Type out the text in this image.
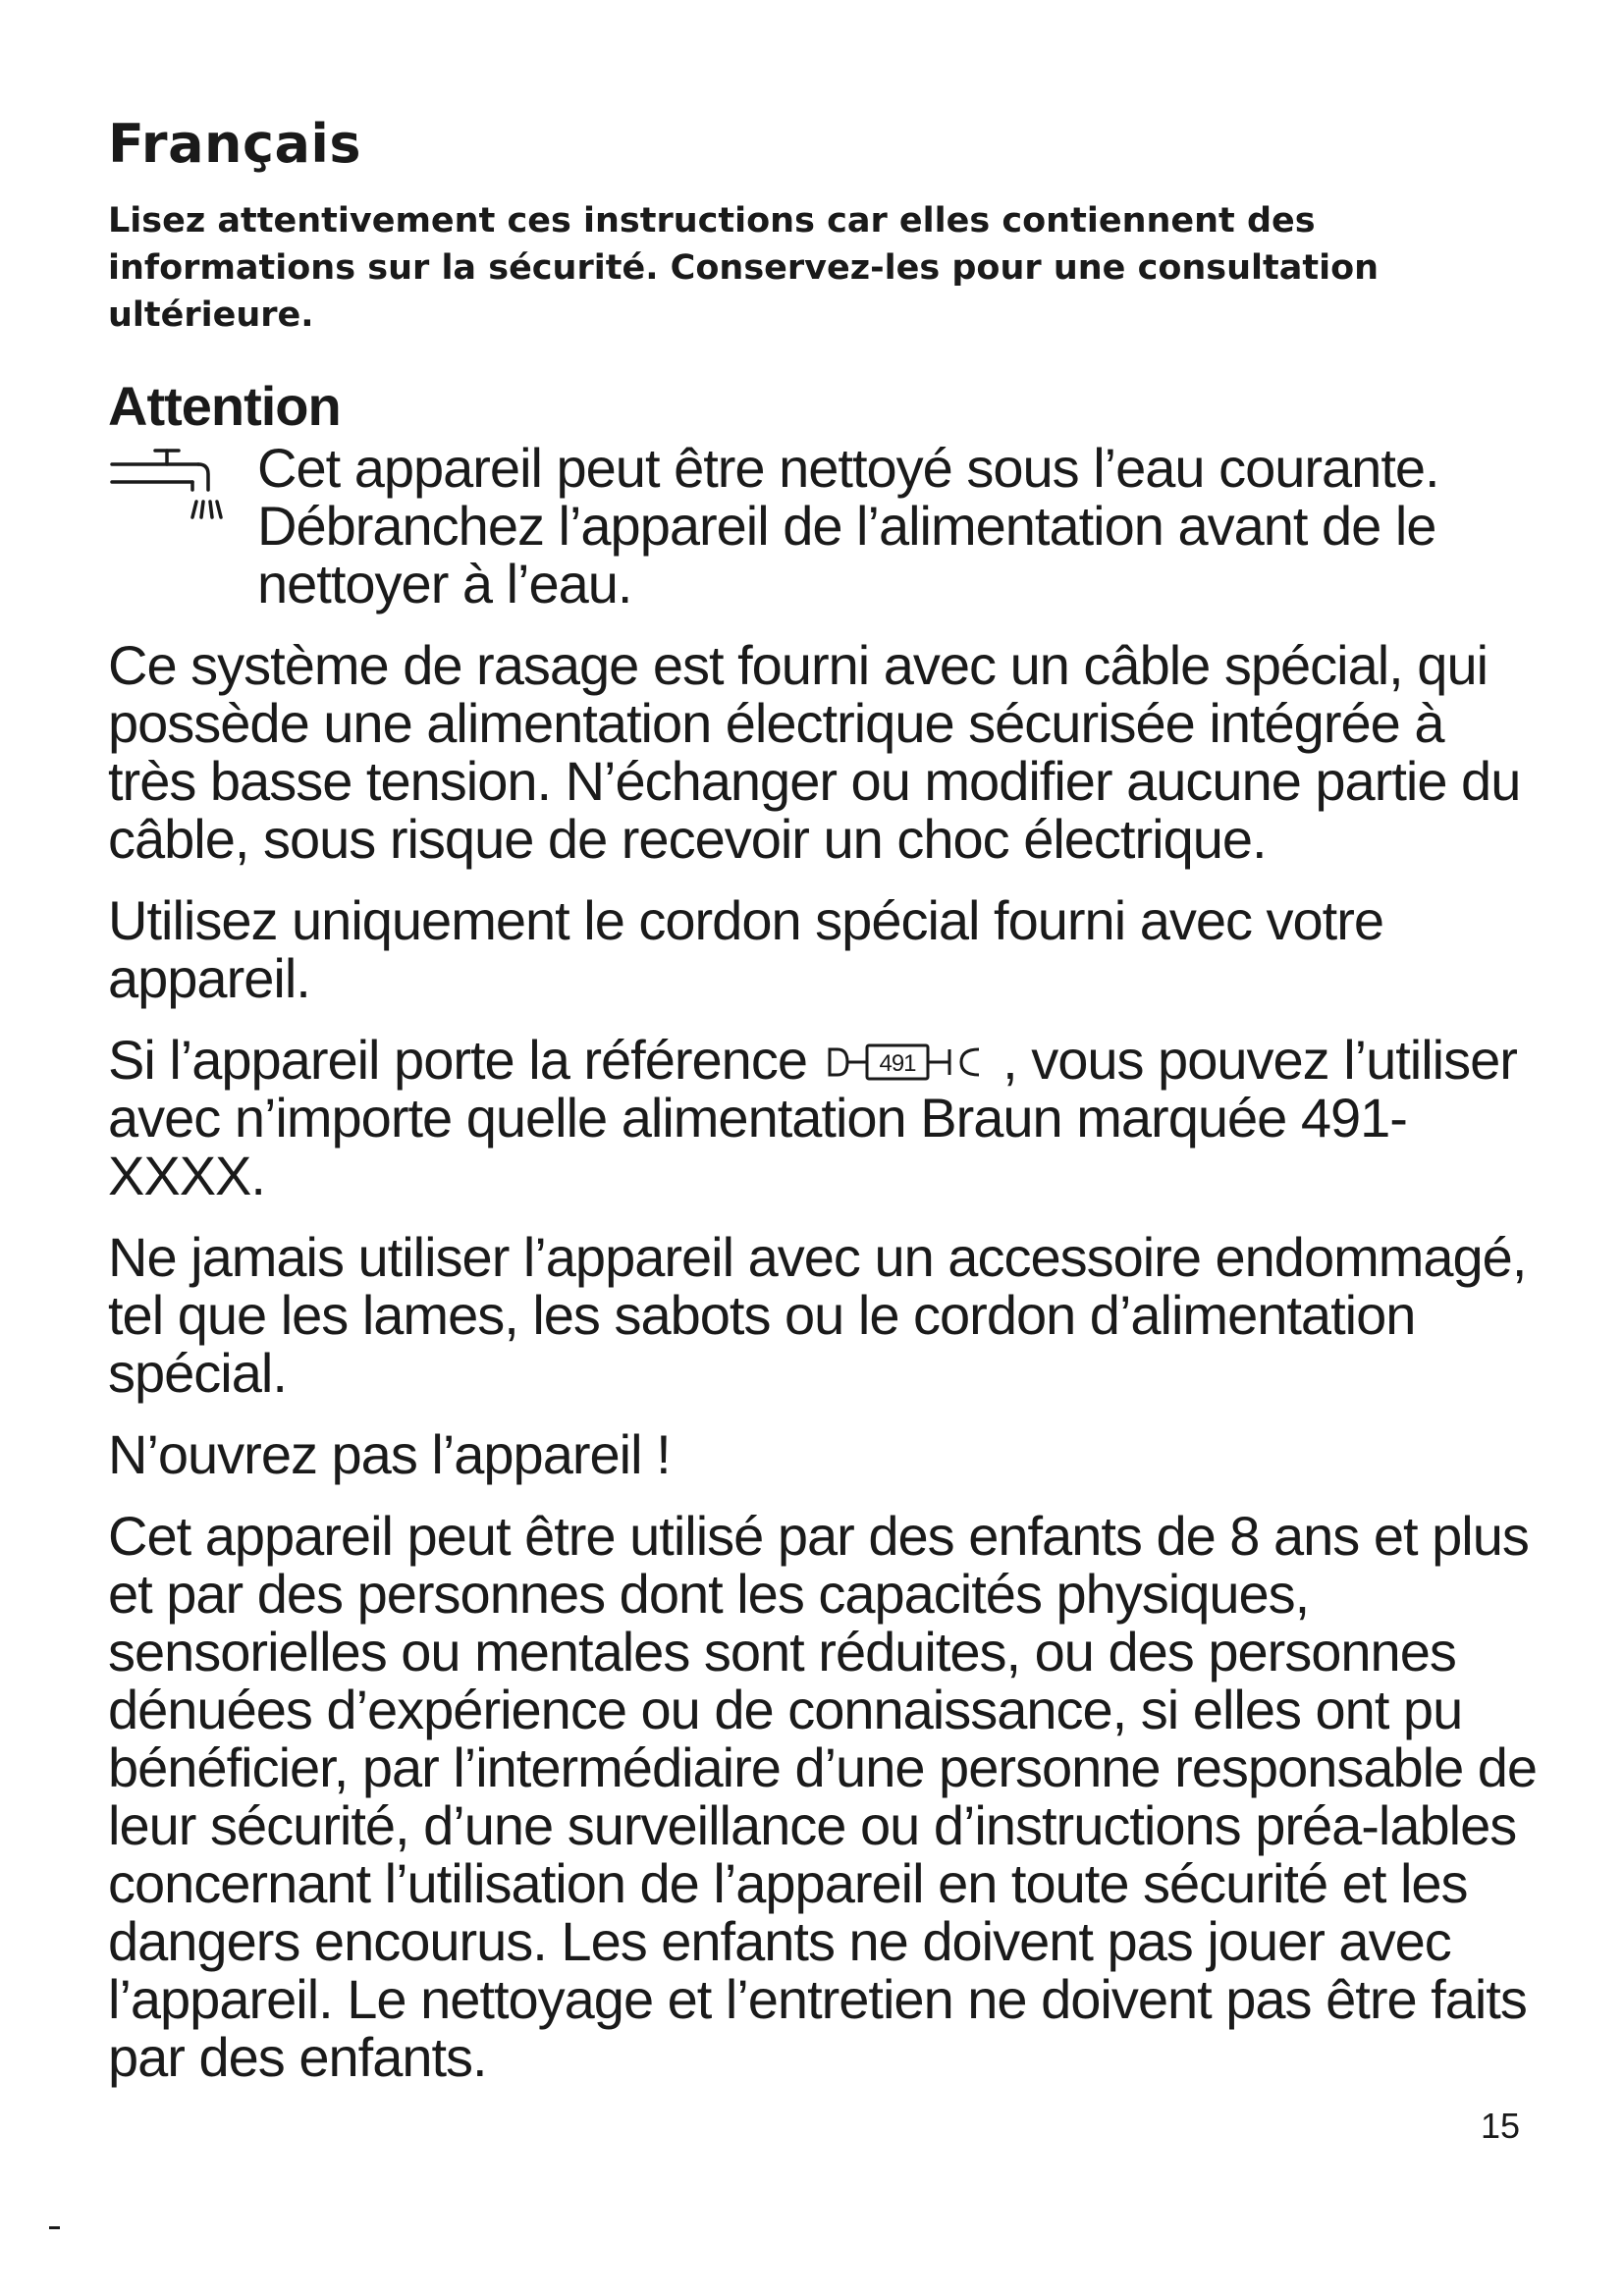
Français

Lisez attentivement ces instructions car elles contiennent des informations sur la sécurité. Conservez-les pour une consultation ultérieure.

Attention

Cet appareil peut être nettoyé sous l’eau courante. Débranchez l’appareil de l’alimentation avant de le nettoyer à l’eau.

Ce système de rasage est fourni avec un câble spécial, qui possède une alimentation électrique sécurisée intégrée à très basse tension. N’échanger ou modifier aucune partie du câble, sous risque de recevoir un choc électrique.

Utilisez uniquement le cordon spécial fourni avec votre appareil.

Si l’appareil porte la référence	491 , vous pouvez l’utiliser avec n’importe quelle alimentation Braun marquée 491-XXXX.

Ne jamais utiliser l’appareil avec un accessoire endommagé, tel que les lames, les sabots ou le cordon d’alimentation spécial.

N’ouvrez pas l’appareil !

Cet appareil peut être utilisé par des enfants de 8 ans et plus et par des personnes dont les capacités physiques, sensorielles ou mentales sont réduites, ou des personnes dénuées d’expérience ou de connaissance, si elles ont pu bénéficier, par l’intermédiaire d’une personne responsable de leur sécurité, d’une surveillance ou d’instructions préa-lables concernant l’utilisation de l’appareil en toute sécurité et les dangers encourus. Les enfants ne doivent pas jouer avec l’appareil. Le nettoyage et l’entretien ne doivent pas être faits par des enfants.

15
